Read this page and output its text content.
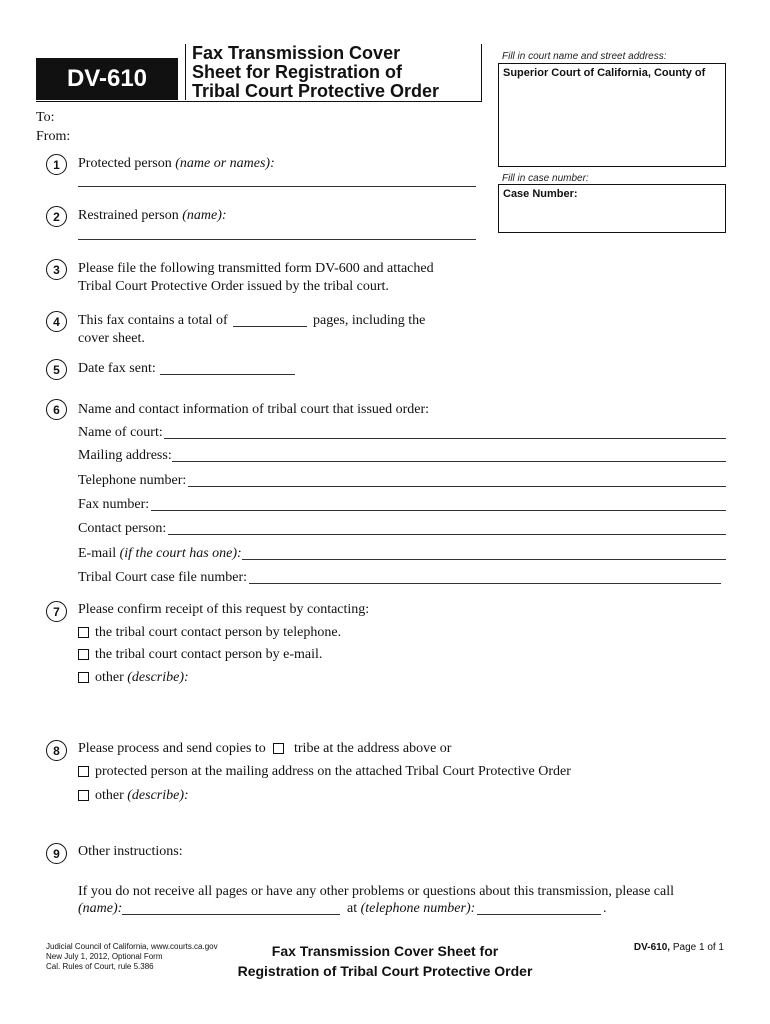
DV-610
Fax Transmission Cover
Sheet for Registration of
Tribal Court Protective Order
Fill in court name and street address:
Superior Court of California, County of
Fill in case number:
Case Number:
To:
From:
1	Protected person (name or names):
2	Restrained person (name):
3	Please file the following transmitted form DV-600 and attached
Tribal Court Protective Order issued by the tribal court.
4	This fax contains a total of	pages, including the
cover sheet.
5	Date fax sent:
6	Name and contact information of tribal court that issued order:
Name of court:
Mailing address:
Telephone number:
Fax number:
Contact person:
E-mail (if the court has one):
Tribal Court case file number:
7	Please confirm receipt of this request by contacting:
the tribal court contact person by telephone.
the tribal court contact person by e-mail.
other (describe):
8	Please process and send copies to tribe at the address above or
protected person at the mailing address on the attached Tribal Court Protective Order
other (describe):
9	Other instructions:
If you do not receive all pages or have any other problems or questions about this transmission, please call
(name):	at (telephone number):	.
Judicial Council of California, www.courts.ca.gov
New July 1, 2012, Optional Form
Cal. Rules of Court, rule 5.386
Fax Transmission Cover Sheet for
Registration of Tribal Court Protective Order
DV-610, Page 1 of 1
